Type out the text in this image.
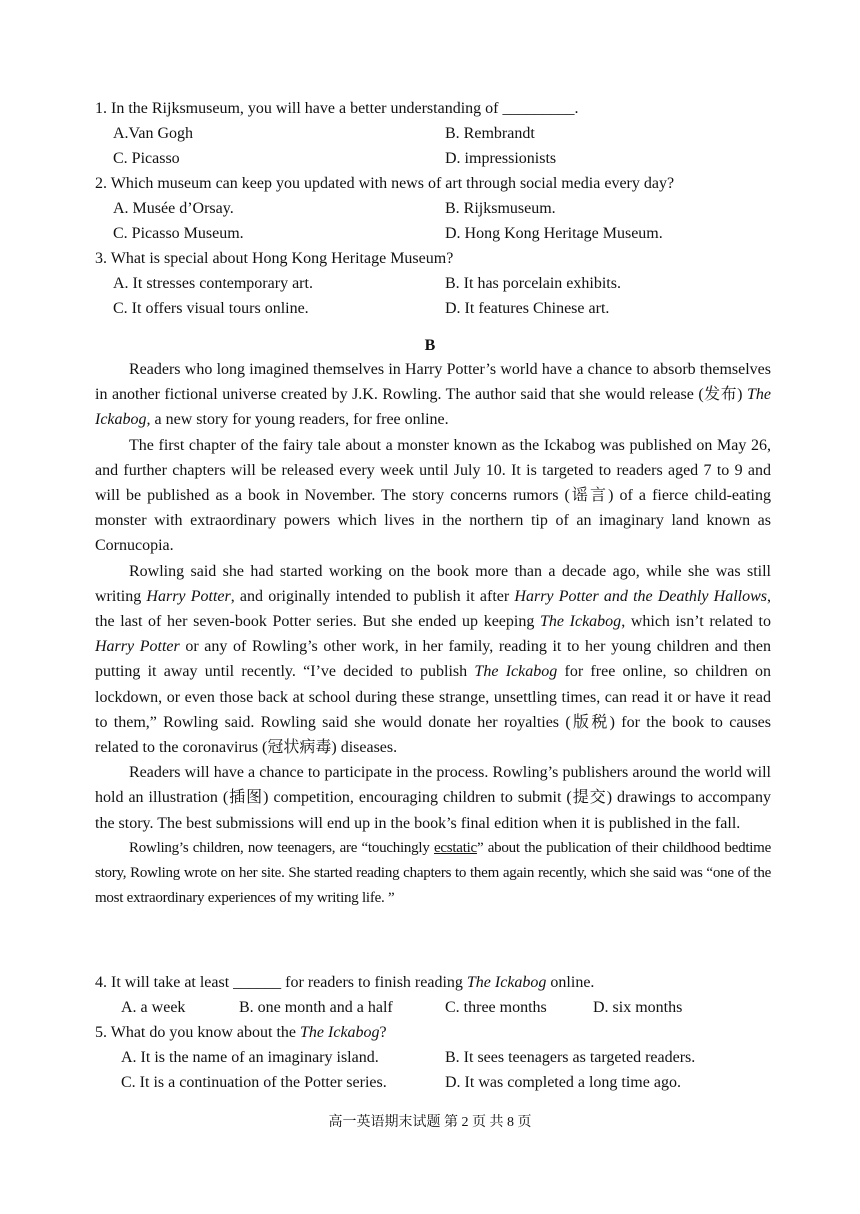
1. In the Rijksmuseum, you will have a better understanding of _________.
A.Van Gogh	B. Rembrandt
C. Picasso	D. impressionists
2. Which museum can keep you updated with news of art through social media every day?
A. Musée d’Orsay.	B. Rijksmuseum.
C. Picasso Museum.	D. Hong Kong Heritage Museum.
3. What is special about Hong Kong Heritage Museum?
A. It stresses contemporary art.	B. It has porcelain exhibits.
C. It offers visual tours online.	D. It features Chinese art.
B

Readers who long imagined themselves in Harry Potter’s world have a chance to absorb themselves in another fictional universe created by J.K. Rowling. The author said that she would release (发布) The Ickabog, a new story for young readers, for free online.

The first chapter of the fairy tale about a monster known as the Ickabog was published on May 26, and further chapters will be released every week until July 10. It is targeted to readers aged 7 to 9 and will be published as a book in November. The story concerns rumors (谣言) of a fierce child-eating monster with extraordinary powers which lives in the northern tip of an imaginary land known as Cornucopia.

Rowling said she had started working on the book more than a decade ago, while she was still writing Harry Potter, and originally intended to publish it after Harry Potter and the Deathly Hallows, the last of her seven-book Potter series. But she ended up keeping The Ickabog, which isn’t related to Harry Potter or any of Rowling’s other work, in her family, reading it to her young children and then putting it away until recently. “I’ve decided to publish The Ickabog for free online, so children on lockdown, or even those back at school during these strange, unsettling times, can read it or have it read to them,” Rowling said. Rowling said she would donate her royalties (版税) for the book to causes related to the coronavirus (冠状病毒) diseases.

Readers will have a chance to participate in the process. Rowling’s publishers around the world will hold an illustration (插图) competition, encouraging children to submit (提交) drawings to accompany the story. The best submissions will end up in the book’s final edition when it is published in the fall.

Rowling’s children, now teenagers, are “touchingly ecstatic” about the publication of their childhood bedtime story, Rowling wrote on her site. She started reading chapters to them again recently, which she said was “one of the most extraordinary experiences of my writing life. ”

4. It will take at least ______ for readers to finish reading The Ickabog online.
A. a week	B. one month and a half	C. three months	D. six months
5. What do you know about the The Ickabog?
A. It is the name of an imaginary island.	B. It sees teenagers as targeted readers.
C. It is a continuation of the Potter series.	D. It was completed a long time ago.
高一英语期末试题 第 2 页 共 8 页
